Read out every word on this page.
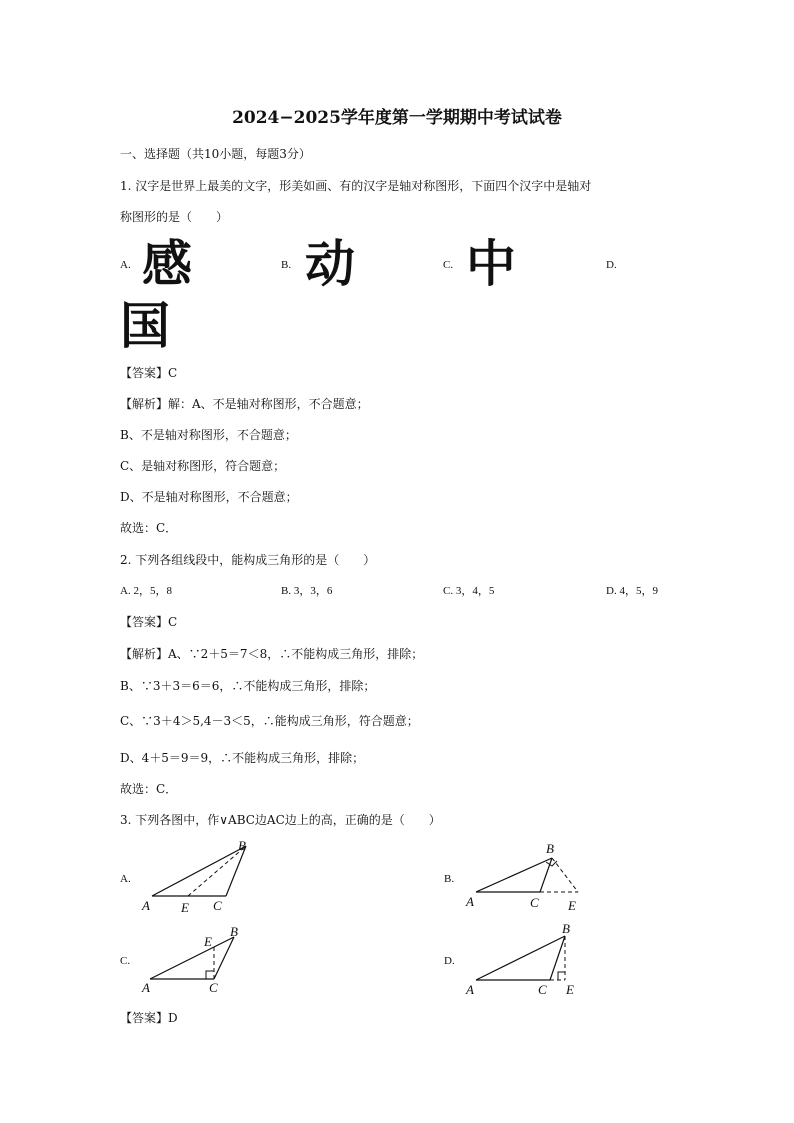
2024−2025学年度第一学期期中考试试卷
一、选择题（共10小题，每题3分）
1. 汉字是世界上最美的文字，形美如画、有的汉字是轴对称图形，下面四个汉字中是轴对
称图形的是（　　）
A. 感	B. 动	C. 中	D.
国
【答案】C
【解析】解：A、不是轴对称图形，不合题意；
B、不是轴对称图形，不合题意；
C、是轴对称图形，符合题意；
D、不是轴对称图形，不合题意；
故选：C．
2. 下列各组线段中，能构成三角形的是（　　）
A. 2，5，8	B. 3，3，6	C. 3，4，5	D. 4，5，9
【答案】C
【解析】A、∵2＋5＝7＜8，∴不能构成三角形，排除；
B、∵3＋3＝6＝6，∴不能构成三角形，排除；
C、∵3＋4＞5,4－3＜5，∴能构成三角形，符合题意；
D、4＋5＝9＝9，∴不能构成三角形，排除；
故选：C．
3. 下列各图中，作∨ABC边AC边上的高，正确的是（　　）
A.
A E C
B
B.
A	C
B
E
C.
A	C
E
B
D.
A	C E
B
【答案】D
